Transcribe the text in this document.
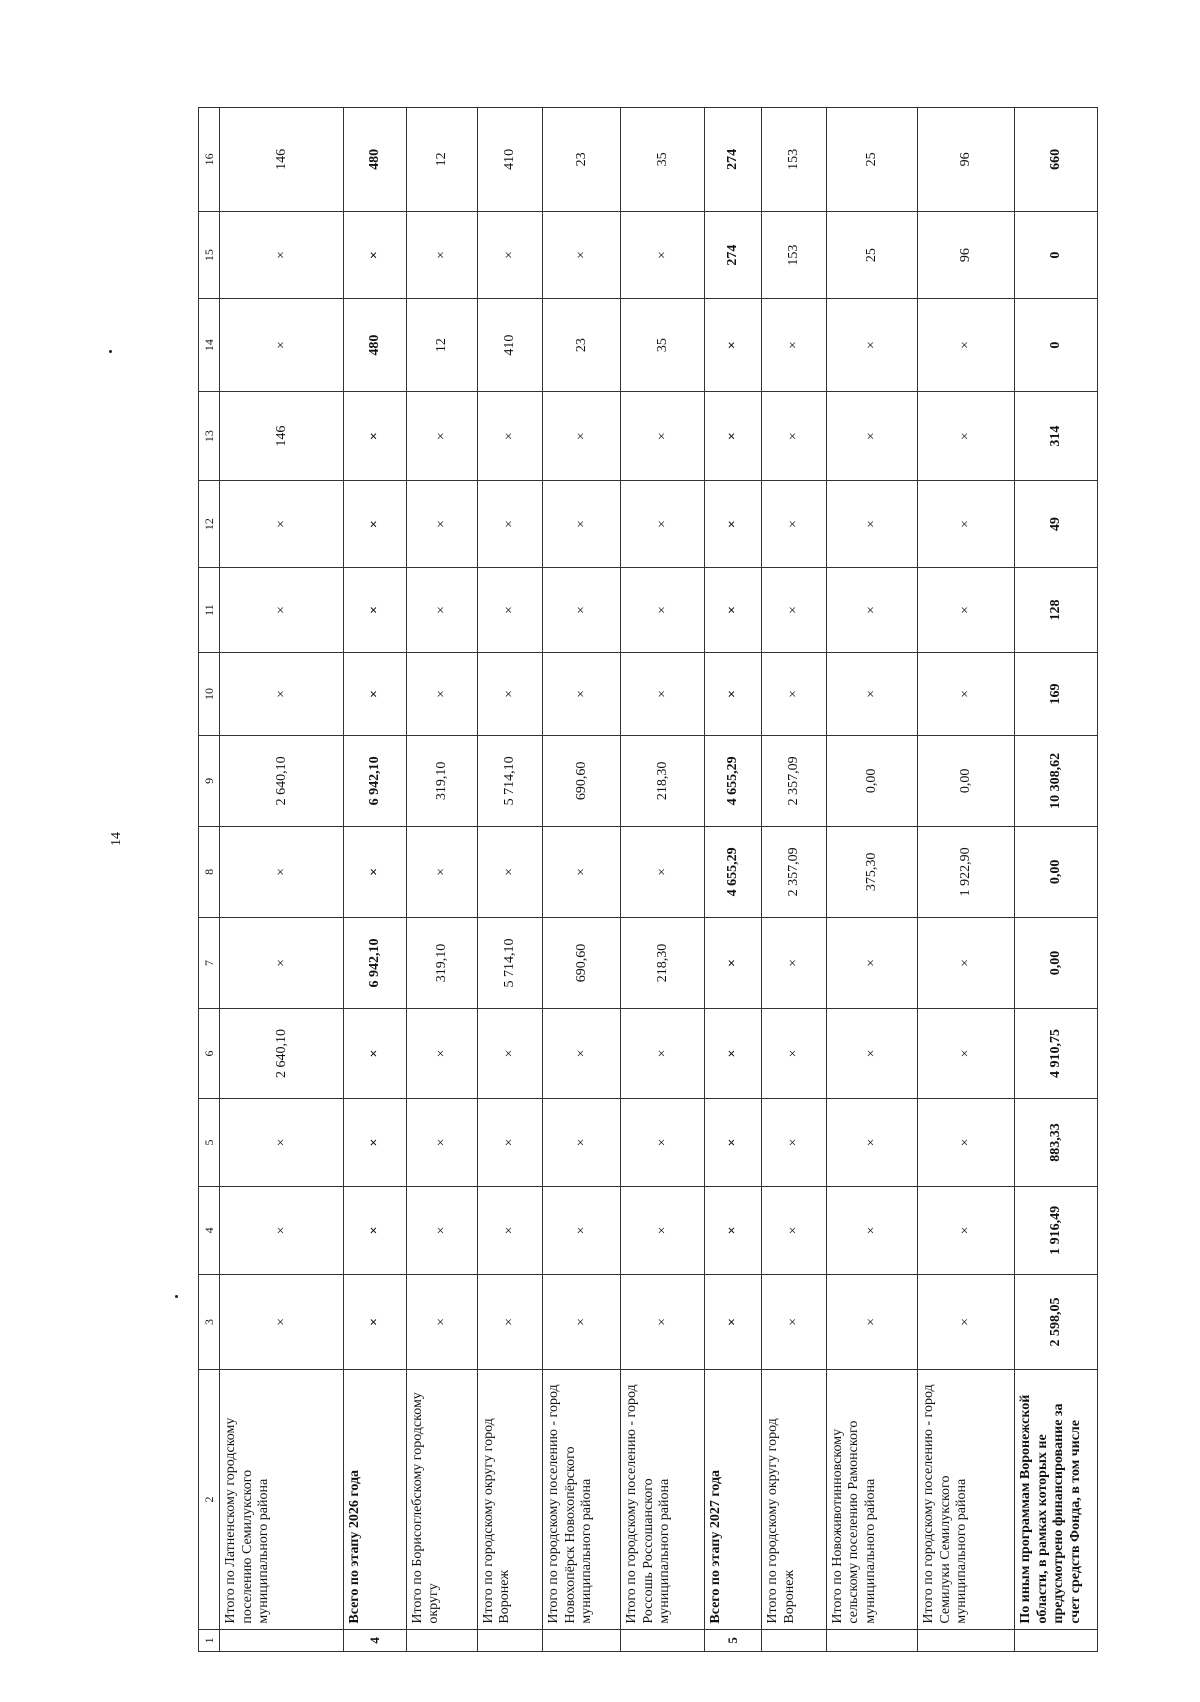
14
1	2	3	4	5	6	7	8	9	10	11	12	13	14	15	16
	Итого по Латненскому городскому поселению Семилукского муниципального района	×	×	×	2 640,10	×	×	2 640,10	×	×	×	146	×	×	146
4	Всего по этапу 2026 года	×	×	×	×	6 942,10	×	6 942,10	×	×	×	×	480	×	480
	Итого по Борисоглебскому городскому округу	×	×	×	×	319,10	×	319,10	×	×	×	×	12	×	12
	Итого по городскому округу город Воронеж	×	×	×	×	5 714,10	×	5 714,10	×	×	×	×	410	×	410
	Итого по городскому поселению - город Новохопёрск Новохопёрского муниципального района	×	×	×	×	690,60	×	690,60	×	×	×	×	23	×	23
	Итого по городскому поселению - город Россошь Россошанского муниципального района	×	×	×	×	218,30	×	218,30	×	×	×	×	35	×	35
5	Всего по этапу 2027 года	×	×	×	×	×	4 655,29	4 655,29	×	×	×	×	×	274	274
	Итого по городскому округу город Воронеж	×	×	×	×	×	2 357,09	2 357,09	×	×	×	×	×	153	153
	Итого по Новоживотинновскому сельскому поселению Рамонского муниципального района	×	×	×	×	×	375,30	0,00	×	×	×	×	×	25	25
	Итого по городскому поселению - город Семилуки Семилукского муниципального района	×	×	×	×	×	1 922,90	0,00	×	×	×	×	×	96	96
	По иным программам Воронежской области, в рамках которых не предусмотрено финансирование за счет средств Фонда, в том числе	2 598,05	1 916,49	883,33	4 910,75	0,00	0,00	10 308,62	169	128	49	314	0	0	660
